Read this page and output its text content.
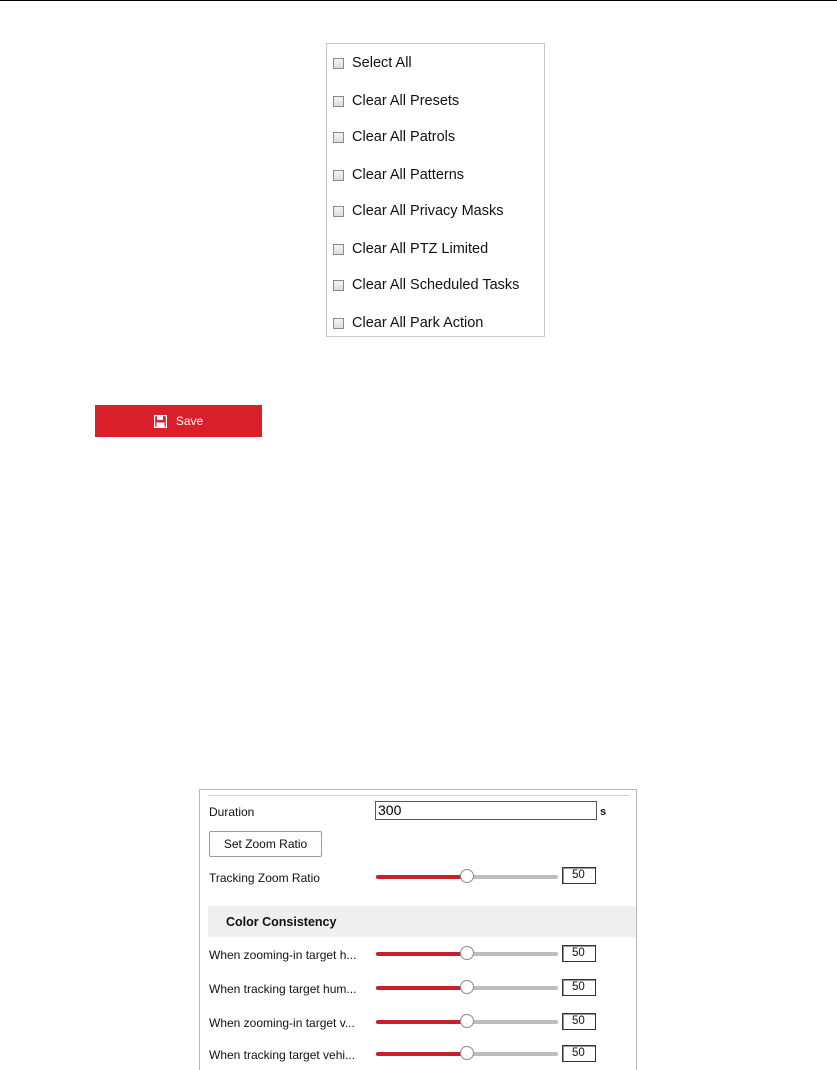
Select All
Clear All Presets
Clear All Patrols
Clear All Patterns
Clear All Privacy Masks
Clear All PTZ Limited
Clear All Scheduled Tasks
Clear All Park Action
Save
Duration	300	s
Set Zoom Ratio
Tracking Zoom Ratio	50
Color Consistency
When zooming-in target h...	50
When tracking target hum...	50
When zooming-in target v...	50
When tracking target vehi...	50
